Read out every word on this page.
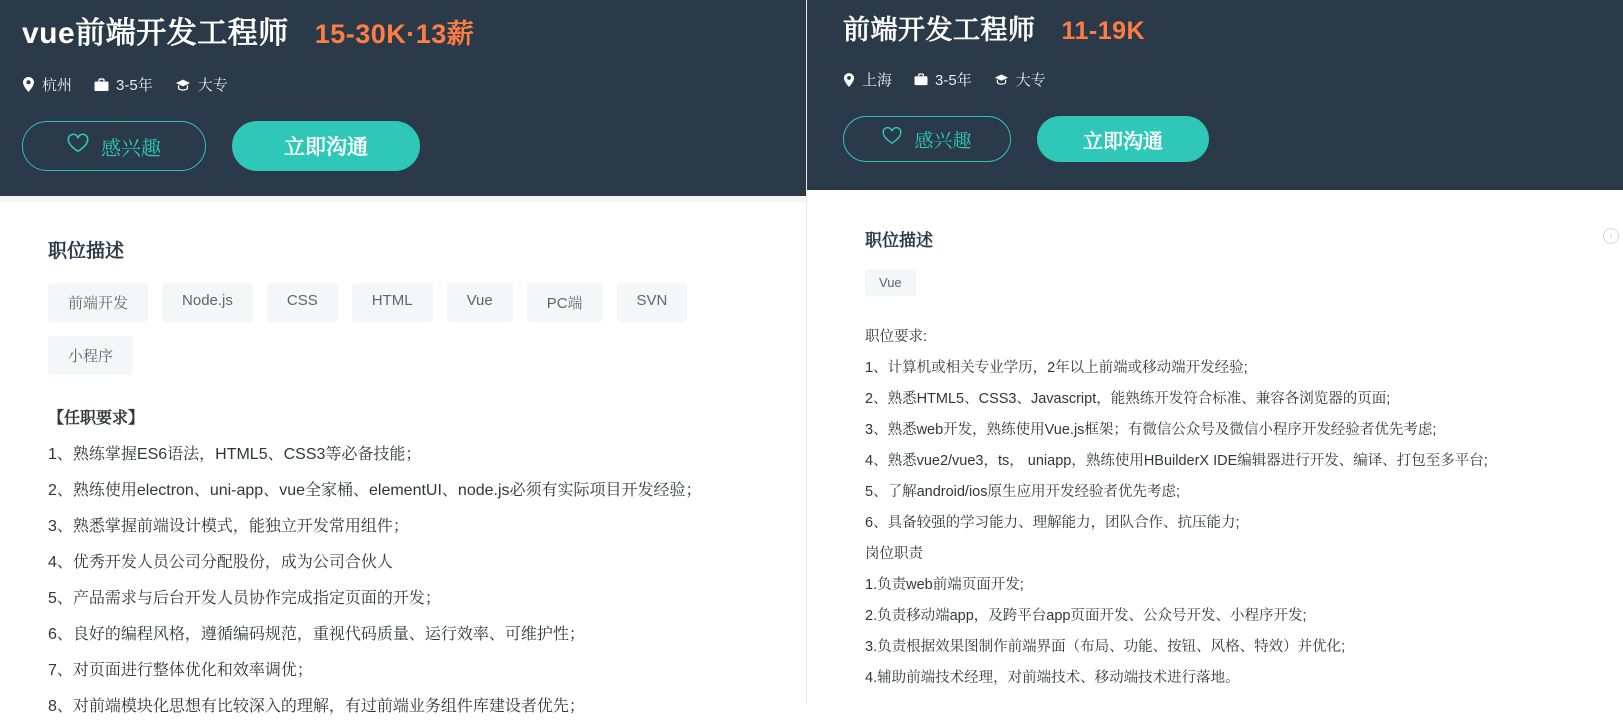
vue前端开发工程师 15-30K·13薪
杭州	3-5年	大专
感兴趣	立即沟通
职位描述
前端开发	Node.js	CSS	HTML	Vue	PC端	SVN
小程序
【任职要求】
1、熟练掌握ES6语法，HTML5、CSS3等必备技能；
2、熟练使用electron、uni-app、vue全家桶、elementUI、node.js必须有实际项目开发经验；
3、熟悉掌握前端设计模式，能独立开发常用组件；
4、优秀开发人员公司分配股份，成为公司合伙人
5、产品需求与后台开发人员协作完成指定页面的开发；
6、良好的编程风格，遵循编码规范，重视代码质量、运行效率、可维护性；
7、对页面进行整体优化和效率调优；
8、对前端模块化思想有比较深入的理解，有过前端业务组件库建设者优先；
前端开发工程师 11-19K
上海	3-5年	大专
感兴趣	立即沟通
职位描述
Vue
职位要求:
1、计算机或相关专业学历，2年以上前端或移动端开发经验;
2、熟悉HTML5、CSS3、Javascript，能熟练开发符合标准、兼容各浏览器的页面;
3、熟悉web开发，熟练使用Vue.js框架；有微信公众号及微信小程序开发经验者优先考虑;
4、熟悉vue2/vue3，ts， uniapp，熟练使用HBuilderX IDE编辑器进行开发、编译、打包至多平台;
5、了解android/ios原生应用开发经验者优先考虑;
6、具备较强的学习能力、理解能力，团队合作、抗压能力;
岗位职责
1.负责web前端页面开发;
2.负责移动端app，及跨平台app页面开发、公众号开发、小程序开发;
3.负责根据效果图制作前端界面（布局、功能、按钮、风格、特效）并优化;
4.辅助前端技术经理，对前端技术、移动端技术进行落地。
›
